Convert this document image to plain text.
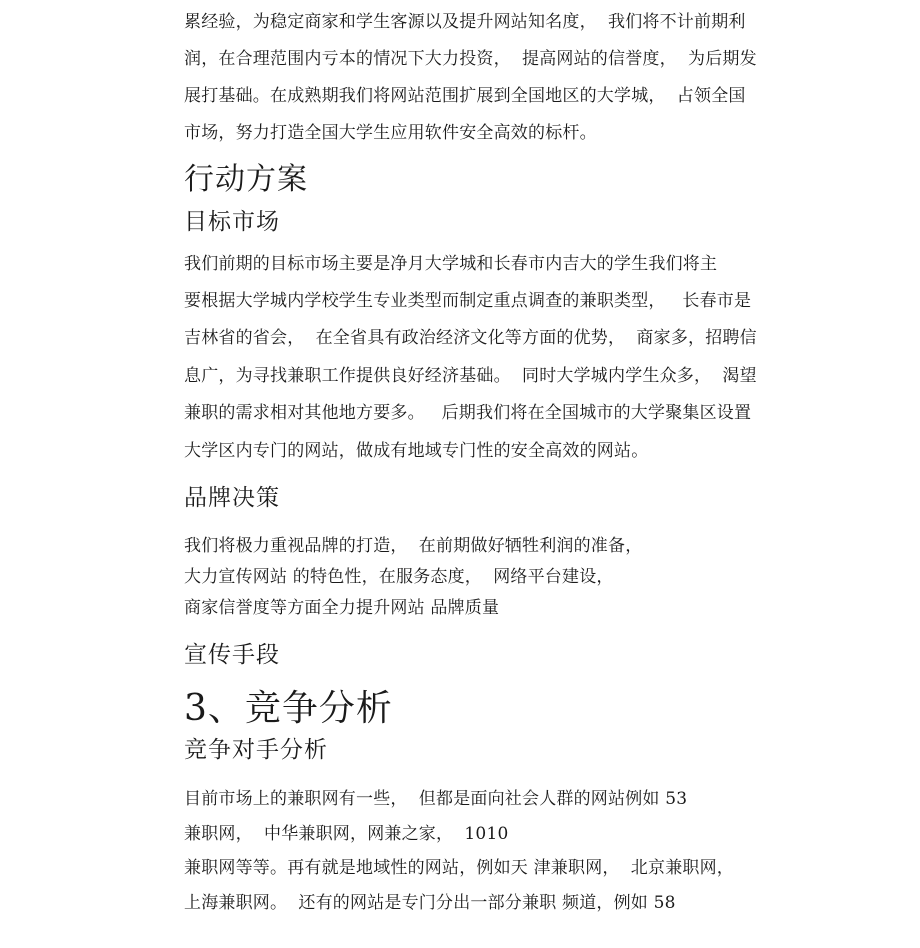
累经验，为稳定商家和学生客源以及提升网站知名度，  我们将不计前期利
润，在合理范围内亏本的情况下大力投资，  提高网站的信誉度，  为后期发
展打基础。在成熟期我们将网站范围扩展到全国地区的大学城，  占领全国
市场，努力打造全国大学生应用软件安全高效的标杆。
行动方案
目标市场
我们前期的目标市场主要是净月大学城和长春市内吉大的学生我们将主
要根据大学城内学校学生专业类型而制定重点调查的兼职类型，   长春市是
吉林省的省会，  在全省具有政治经济文化等方面的优势，  商家多，招聘信
息广，为寻找兼职工作提供良好经济基础。  同时大学城内学生众多，  渴望
兼职的需求相对其他地方要多。   后期我们将在全国城市的大学聚集区设置
大学区内专门的网站，做成有地域专门性的安全高效的网站。
品牌决策
我们将极力重视品牌的打造，  在前期做好牺牲利润的准备，
大力宣传网站 的特色性，在服务态度，  网络平台建设，
商家信誉度等方面全力提升网站 品牌质量
宣传手段
3、竞争分析
竞争对手分析
目前市场上的兼职网有一些，  但都是面向社会人群的网站例如 53
兼职网，  中华兼职网，网兼之家，  1010
兼职网等等。再有就是地域性的网站，例如天 津兼职网，  北京兼职网，
上海兼职网。  还有的网站是专门分出一部分兼职 频道，例如 58
